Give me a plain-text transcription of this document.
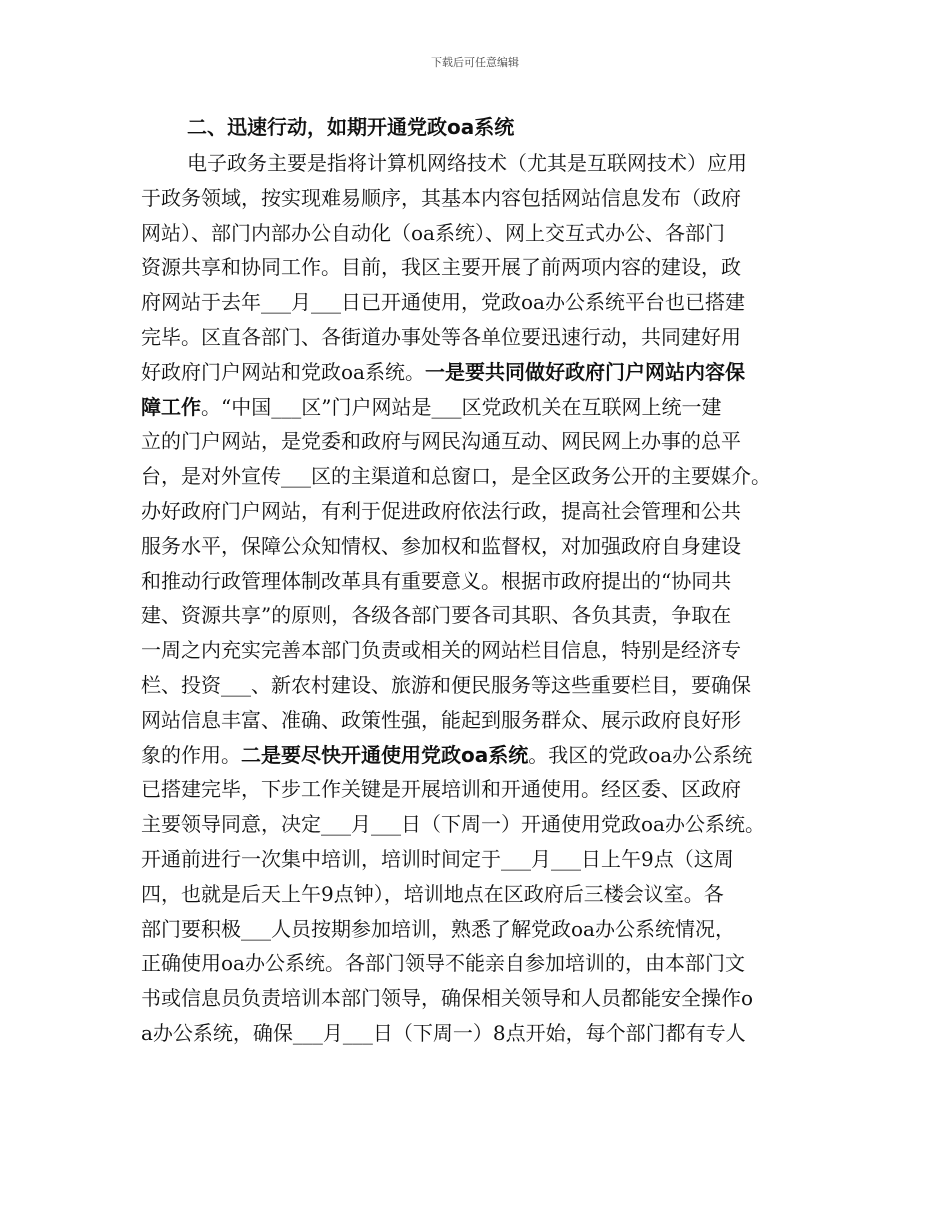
下载后可任意编辑
二、迅速行动，如期开通党政oa系统
电子政务主要是指将计算机网络技术（尤其是互联网技术）应用
于政务领域，按实现难易顺序，其基本内容包括网站信息发布（政府
网站）、部门内部办公自动化（oa系统）、网上交互式办公、各部门
资源共享和协同工作。目前，我区主要开展了前两项内容的建设，政
府网站于去年___月___日已开通使用，党政oa办公系统平台也已搭建
完毕。区直各部门、各街道办事处等各单位要迅速行动，共同建好用
好政府门户网站和党政oa系统。一是要共同做好政府门户网站内容保
障工作。“中国___区”门户网站是___区党政机关在互联网上统一建
立的门户网站，是党委和政府与网民沟通互动、网民网上办事的总平
台，是对外宣传___区的主渠道和总窗口，是全区政务公开的主要媒介。
办好政府门户网站，有利于促进政府依法行政，提高社会管理和公共
服务水平，保障公众知情权、参加权和监督权，对加强政府自身建设
和推动行政管理体制改革具有重要意义。根据市政府提出的“协同共
建、资源共享”的原则，各级各部门要各司其职、各负其责，争取在
一周之内充实完善本部门负责或相关的网站栏目信息，特别是经济专
栏、投资___、新农村建设、旅游和便民服务等这些重要栏目，要确保
网站信息丰富、准确、政策性强，能起到服务群众、展示政府良好形
象的作用。二是要尽快开通使用党政oa系统。我区的党政oa办公系统
已搭建完毕，下步工作关键是开展培训和开通使用。经区委、区政府
主要领导同意，决定___月___日（下周一）开通使用党政oa办公系统。
开通前进行一次集中培训，培训时间定于___月___日上午9点（这周
四，也就是后天上午9点钟），培训地点在区政府后三楼会议室。各
部门要积极___人员按期参加培训，熟悉了解党政oa办公系统情况，
正确使用oa办公系统。各部门领导不能亲自参加培训的，由本部门文
书或信息员负责培训本部门领导，确保相关领导和人员都能安全操作o
a办公系统，确保___月___日（下周一）8点开始，每个部门都有专人
